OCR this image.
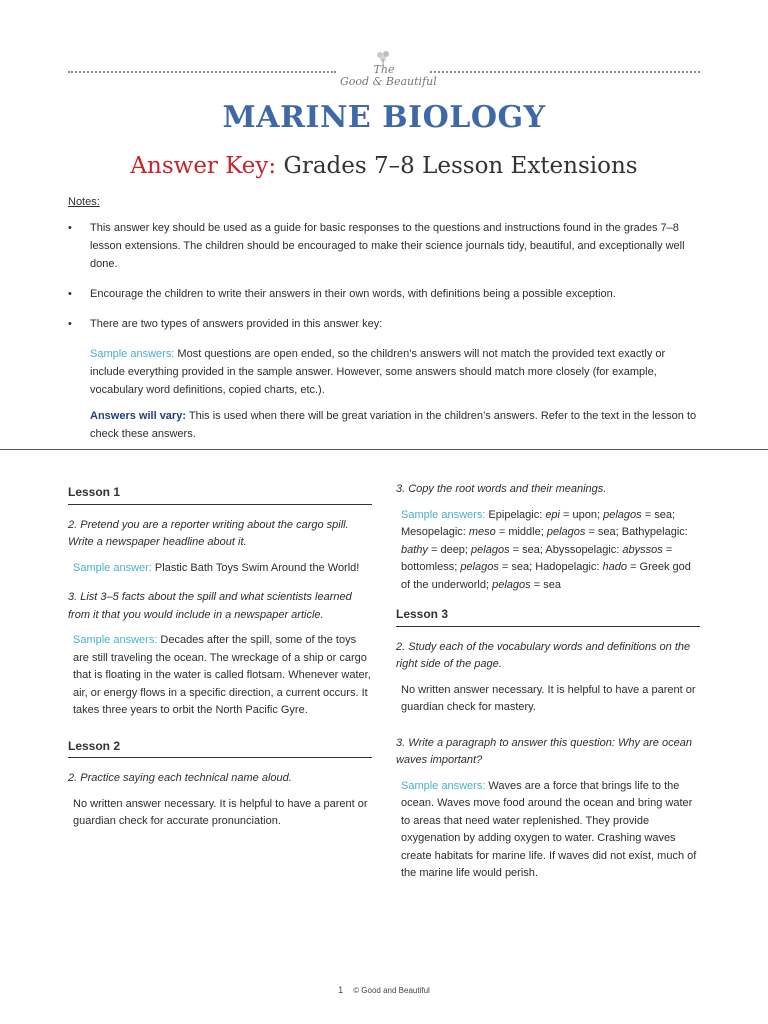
The
Good & Beautiful
MARINE BIOLOGY
Answer Key: Grades 7–8 Lesson Extensions
Notes:
• This answer key should be used as a guide for basic responses to the questions and instructions found in the grades 7–8 lesson extensions. The children should be encouraged to make their science journals tidy, beautiful, and exceptionally well done.
• Encourage the children to write their answers in their own words, with definitions being a possible exception.
• There are two types of answers provided in this answer key:
Sample answers: Most questions are open ended, so the children’s answers will not match the provided text exactly or include everything provided in the sample answer. However, some answers should match more closely (for example, vocabulary word definitions, copied charts, etc.).
Answers will vary: This is used when there will be great variation in the children’s answers. Refer to the text in the lesson to check these answers.
Lesson 1
2. Pretend you are a reporter writing about the cargo spill. Write a newspaper headline about it.
Sample answer: Plastic Bath Toys Swim Around the World!
3. List 3–5 facts about the spill and what scientists learned from it that you would include in a newspaper article.
Sample answers: Decades after the spill, some of the toys are still traveling the ocean. The wreckage of a ship or cargo that is floating in the water is called flotsam. Whenever water, air, or energy flows in a specific direction, a current occurs. It takes three years to orbit the North Pacific Gyre.
Lesson 2
2. Practice saying each technical name aloud.
No written answer necessary. It is helpful to have a parent or guardian check for accurate pronunciation.
3. Copy the root words and their meanings.
Sample answers: Epipelagic: epi = upon; pelagos = sea; Mesopelagic: meso = middle; pelagos = sea; Bathypelagic: bathy = deep; pelagos = sea; Abyssopelagic: abyssos = bottomless; pelagos = sea; Hadopelagic: hado = Greek god of the underworld; pelagos = sea
Lesson 3
2. Study each of the vocabulary words and definitions on the right side of the page.
No written answer necessary. It is helpful to have a parent or guardian check for mastery.
3. Write a paragraph to answer this question: Why are ocean waves important?
Sample answers: Waves are a force that brings life to the ocean. Waves move food around the ocean and bring water to areas that need water replenished. They provide oxygenation by adding oxygen to water. Crashing waves create habitats for marine life. If waves did not exist, much of the marine life would perish.
1 © Good and Beautiful
